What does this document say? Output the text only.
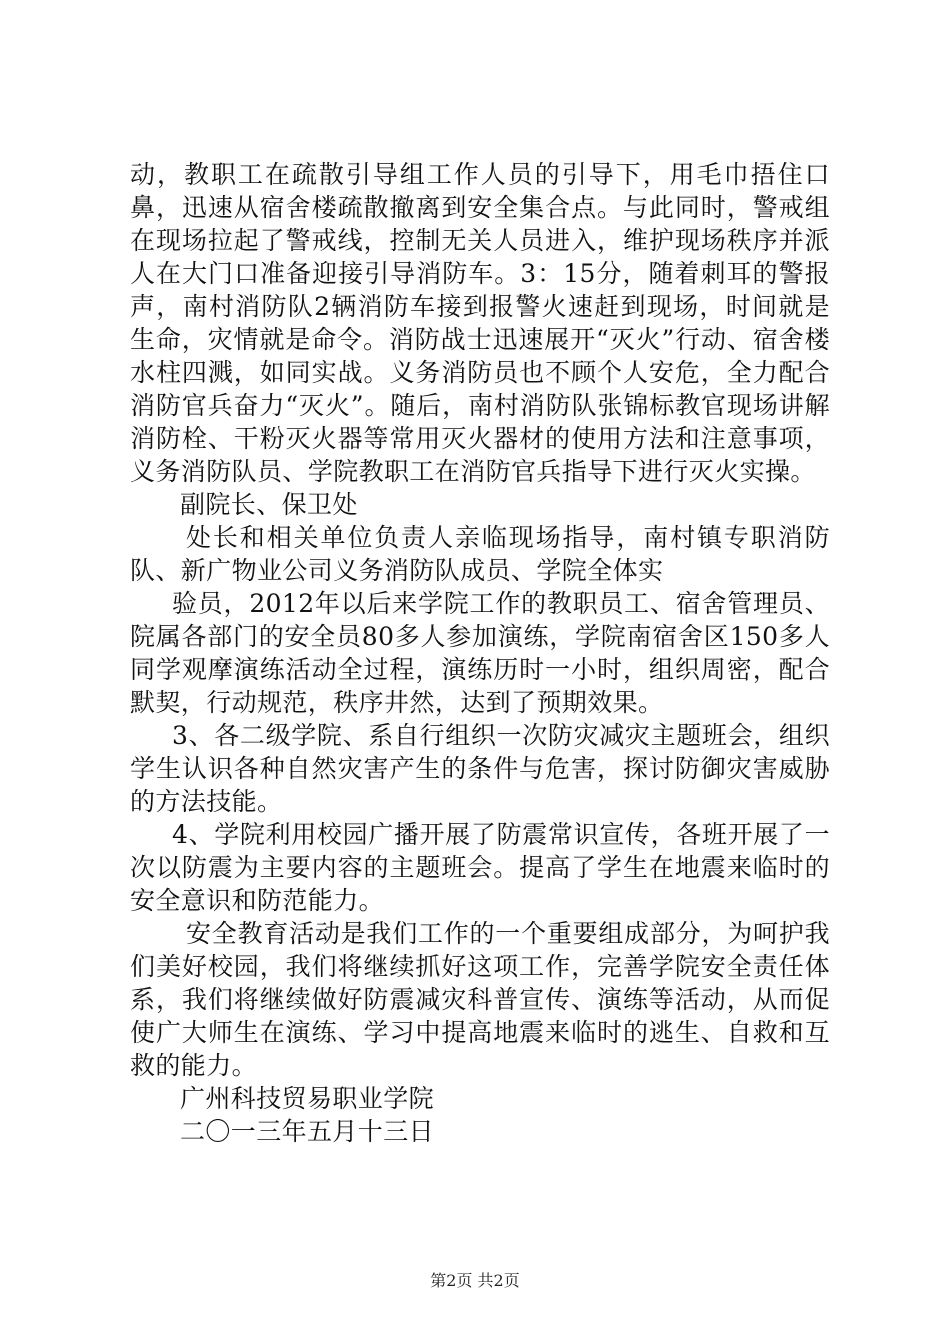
动，教职工在疏散引导组工作人员的引导下，用毛巾捂住口鼻，迅速从宿舍楼疏散撤离到安全集合点。与此同时，警戒组在现场拉起了警戒线，控制无关人员进入，维护现场秩序并派人在大门口准备迎接引导消防车。3：15分，随着刺耳的警报声，南村消防队2辆消防车接到报警火速赶到现场，时间就是生命，灾情就是命令。消防战士迅速展开“灭火”行动、宿舍楼水柱四溅，如同实战。义务消防员也不顾个人安危，全力配合消防官兵奋力“灭火”。随后，南村消防队张锦标教官现场讲解消防栓、干粉灭火器等常用灭火器材的使用方法和注意事项，义务消防队员、学院教职工在消防官兵指导下进行灭火实操。

副院长、保卫处

处长和相关单位负责人亲临现场指导，南村镇专职消防队、新广物业公司义务消防队成员、学院全体实

验员，2012年以后来学院工作的教职员工、宿舍管理员、院属各部门的安全员80多人参加演练，学院南宿舍区150多人同学观摩演练活动全过程，演练历时一小时，组织周密，配合默契，行动规范，秩序井然，达到了预期效果。

3、各二级学院、系自行组织一次防灾减灾主题班会，组织学生认识各种自然灾害产生的条件与危害，探讨防御灾害威胁的方法技能。

4、学院利用校园广播开展了防震常识宣传，各班开展了一次以防震为主要内容的主题班会。提高了学生在地震来临时的安全意识和防范能力。

安全教育活动是我们工作的一个重要组成部分，为呵护我们美好校园，我们将继续抓好这项工作，完善学院安全责任体系，我们将继续做好防震减灾科普宣传、演练等活动，从而促使广大师生在演练、学习中提高地震来临时的逃生、自救和互救的能力。

广州科技贸易职业学院

二〇一三年五月十三日

第2页 共2页
